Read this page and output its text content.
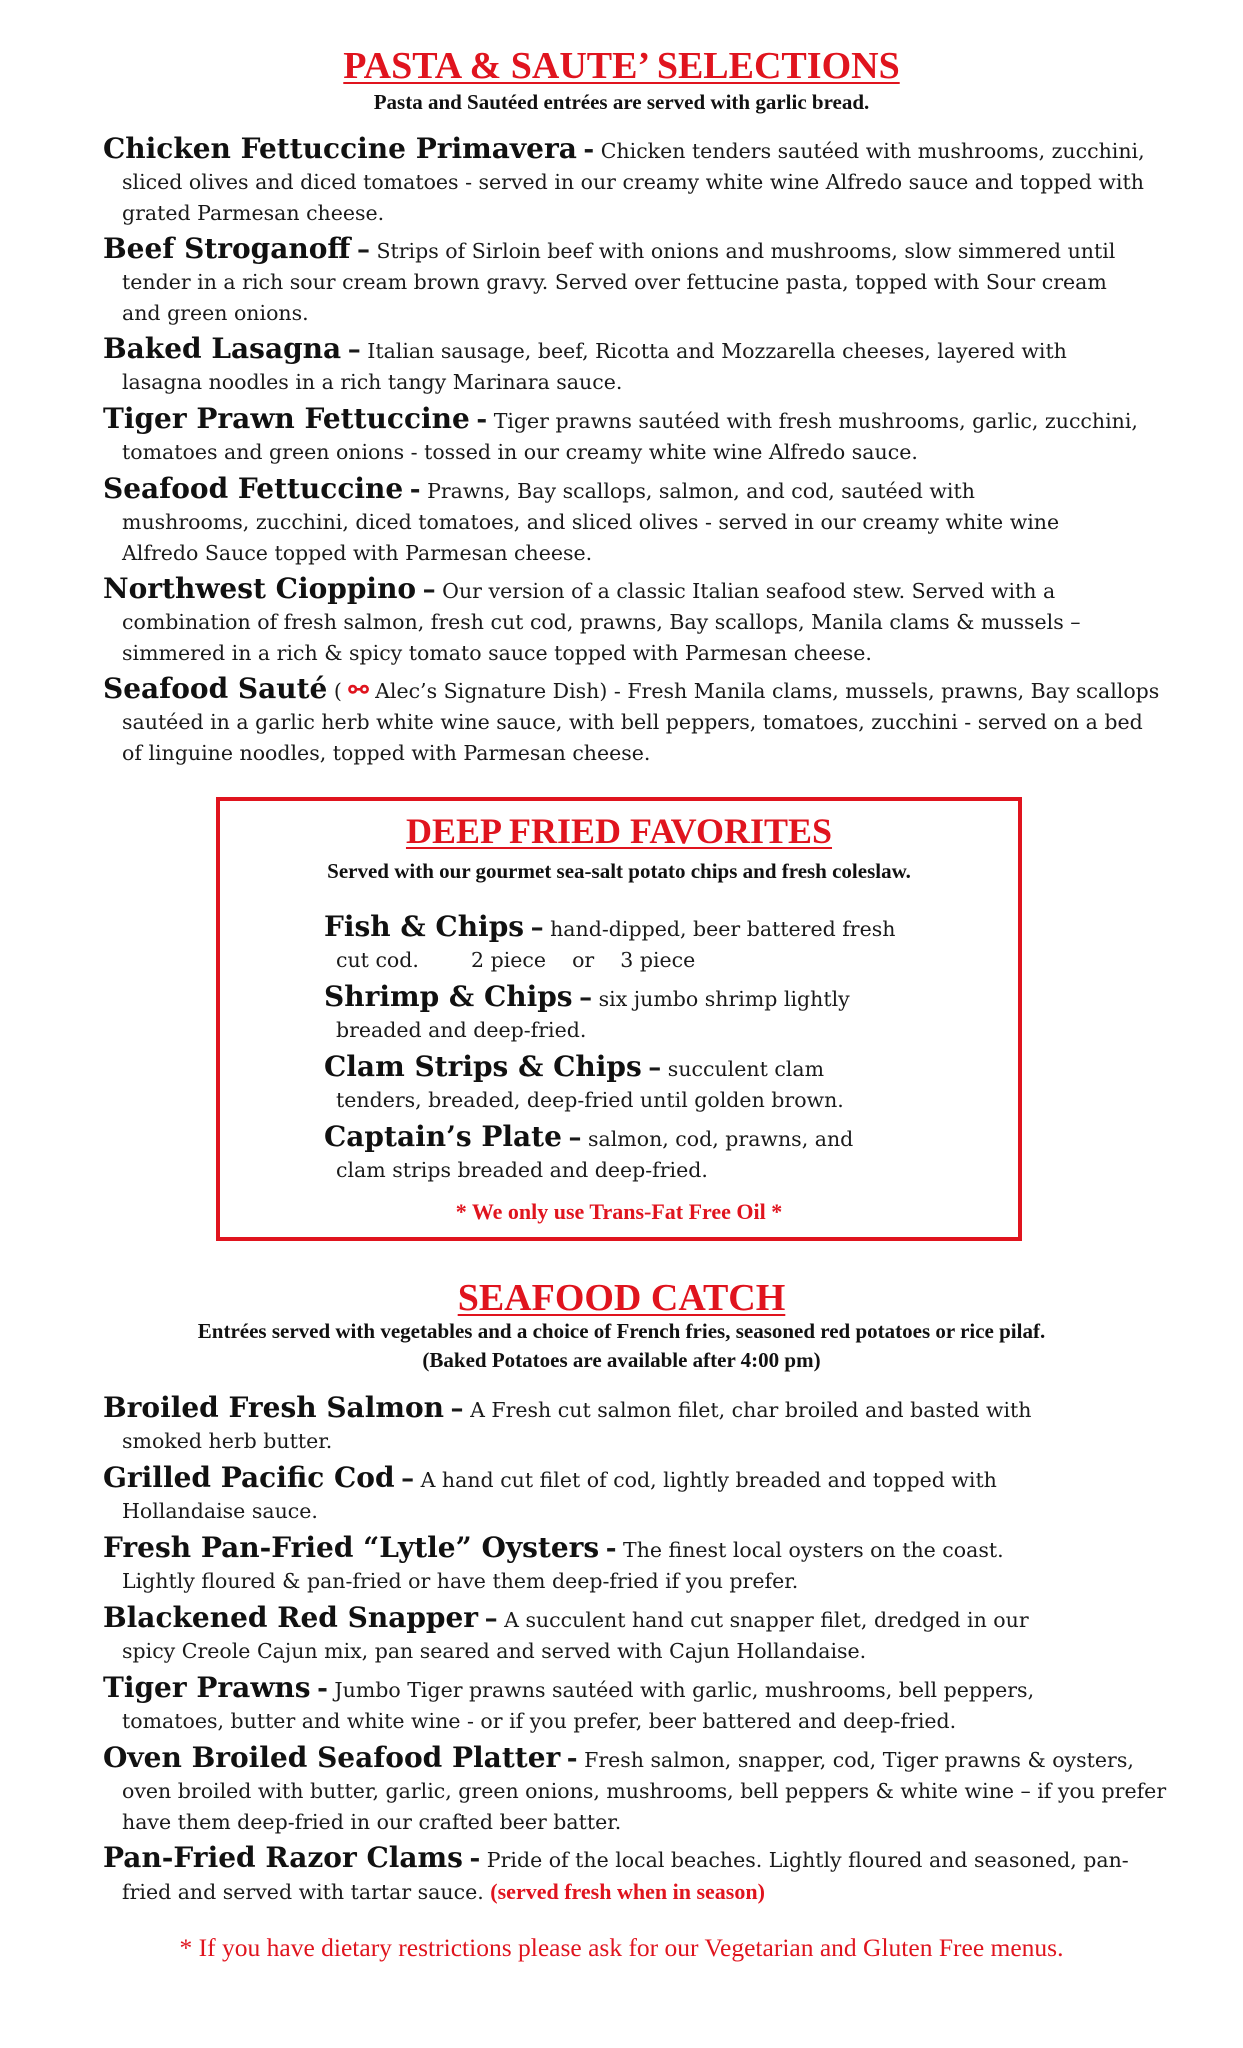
PASTA & SAUTE’ SELECTIONS

Pasta and Sautéed entrées are served with garlic bread.

Chicken Fettuccine Primavera - Chicken tenders sautéed with mushrooms, zucchini, sliced olives and diced tomatoes - served in our creamy white wine Alfredo sauce and topped with grated Parmesan cheese.

Beef Stroganoff – Strips of Sirloin beef with onions and mushrooms, slow simmered until tender in a rich sour cream brown gravy. Served over fettucine pasta, topped with Sour cream and green onions.

Baked Lasagna – Italian sausage, beef, Ricotta and Mozzarella cheeses, layered with lasagna noodles in a rich tangy Marinara sauce.

Tiger Prawn Fettuccine - Tiger prawns sautéed with fresh mushrooms, garlic, zucchini, tomatoes and green onions - tossed in our creamy white wine Alfredo sauce.

Seafood Fettuccine - Prawns, Bay scallops, salmon, and cod, sautéed with mushrooms, zucchini, diced tomatoes, and sliced olives - served in our creamy white wine Alfredo Sauce topped with Parmesan cheese.

Northwest Cioppino – Our version of a classic Italian seafood stew. Served with a combination of fresh salmon, fresh cut cod, prawns, Bay scallops, Manila clams & mussels – simmered in a rich & spicy tomato sauce topped with Parmesan cheese.

Seafood Sauté ( ⚯ Alec’s Signature Dish) - Fresh Manila clams, mussels, prawns, Bay scallops sautéed in a garlic herb white wine sauce, with bell peppers, tomatoes, zucchini - served on a bed of linguine noodles, topped with Parmesan cheese.

DEEP FRIED FAVORITES

Served with our gourmet sea-salt potato chips and fresh coleslaw.

Fish & Chips – hand-dipped, beer battered fresh cut cod.        2 piece    or    3 piece

Shrimp & Chips – six jumbo shrimp lightly breaded and deep-fried.

Clam Strips & Chips – succulent clam tenders, breaded, deep-fried until golden brown.

Captain’s Plate – salmon, cod, prawns, and clam strips breaded and deep-fried.

* We only use Trans-Fat Free Oil *

SEAFOOD CATCH

Entrées served with vegetables and a choice of French fries, seasoned red potatoes or rice pilaf.

(Baked Potatoes are available after 4:00 pm)

Broiled Fresh Salmon – A Fresh cut salmon filet, char broiled and basted with smoked herb butter.

Grilled Pacific Cod – A hand cut filet of cod, lightly breaded and topped with Hollandaise sauce.

Fresh Pan-Fried “Lytle” Oysters - The finest local oysters on the coast. Lightly floured & pan-fried or have them deep-fried if you prefer.

Blackened Red Snapper – A succulent hand cut snapper filet, dredged in our spicy Creole Cajun mix, pan seared and served with Cajun Hollandaise.

Tiger Prawns - Jumbo Tiger prawns sautéed with garlic, mushrooms, bell peppers, tomatoes, butter and white wine - or if you prefer, beer battered and deep-fried.

Oven Broiled Seafood Platter - Fresh salmon, snapper, cod, Tiger prawns & oysters, oven broiled with butter, garlic, green onions, mushrooms, bell peppers & white wine – if you prefer have them deep-fried in our crafted beer batter.

Pan-Fried Razor Clams - Pride of the local beaches. Lightly floured and seasoned, pan-fried and served with tartar sauce. (served fresh when in season)

* If you have dietary restrictions please ask for our Vegetarian and Gluten Free menus.
